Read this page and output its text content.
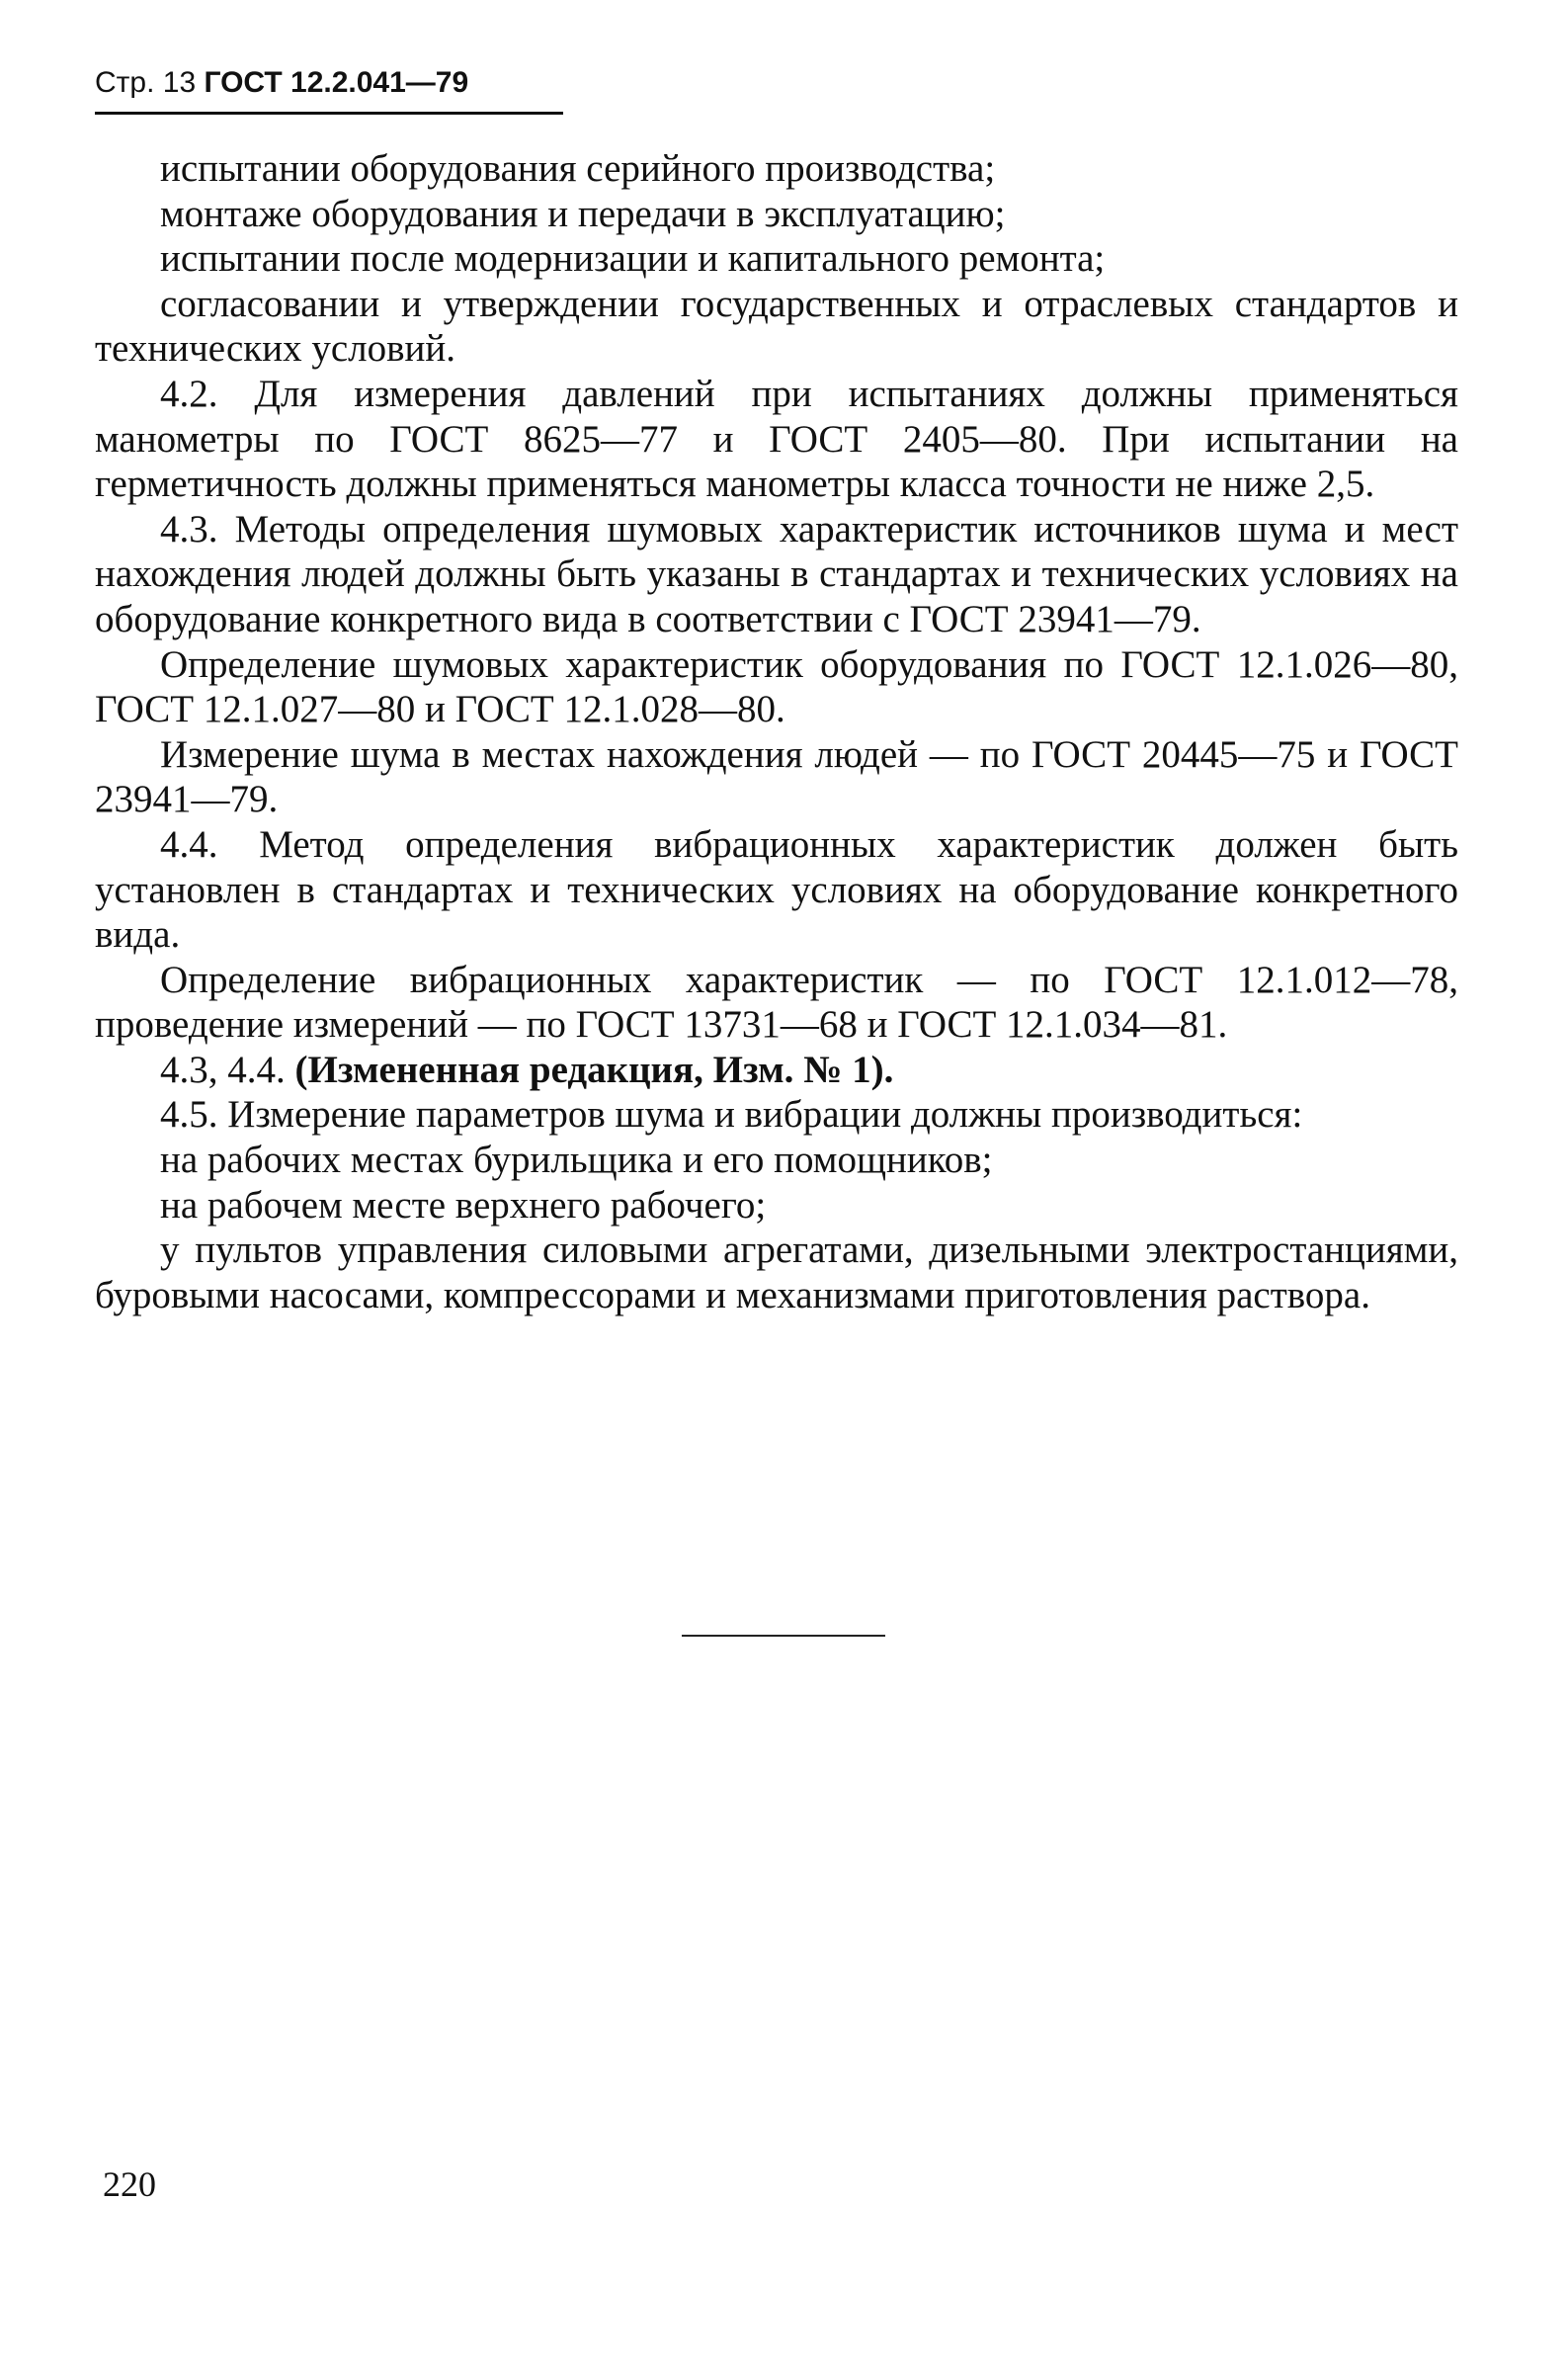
Стр. 13 ГОСТ 12.2.041—79

испытании оборудования серийного производства;

монтаже оборудования и передачи в эксплуатацию;

испытании после модернизации и капитального ремонта;

согласовании и утверждении государственных и отраслевых стандартов и технических условий.

4.2. Для измерения давлений при испытаниях должны применяться манометры по ГОСТ 8625—77 и ГОСТ 2405—80. При испытании на герметичность должны применяться манометры класса точности не ниже 2,5.

4.3. Методы определения шумовых характеристик источников шума и мест нахождения людей должны быть указаны в стандартах и технических условиях на оборудование конкретного вида в соответствии с ГОСТ 23941—79.

Определение шумовых характеристик оборудования по ГОСТ 12.1.026—80, ГОСТ 12.1.027—80 и ГОСТ 12.1.028—80.

Измерение шума в местах нахождения людей — по ГОСТ 20445—75 и ГОСТ 23941—79.

4.4. Метод определения вибрационных характеристик должен быть установлен в стандартах и технических условиях на оборудование конкретного вида.

Определение вибрационных характеристик — по ГОСТ 12.1.012—78, проведение измерений — по ГОСТ 13731—68 и ГОСТ 12.1.034—81.

4.3, 4.4. (Измененная редакция, Изм. № 1).

4.5. Измерение параметров шума и вибрации должны производиться:

на рабочих местах бурильщика и его помощников;

на рабочем месте верхнего рабочего;

у пультов управления силовыми агрегатами, дизельными электростанциями, буровыми насосами, компрессорами и механизмами приготовления раствора.

220
